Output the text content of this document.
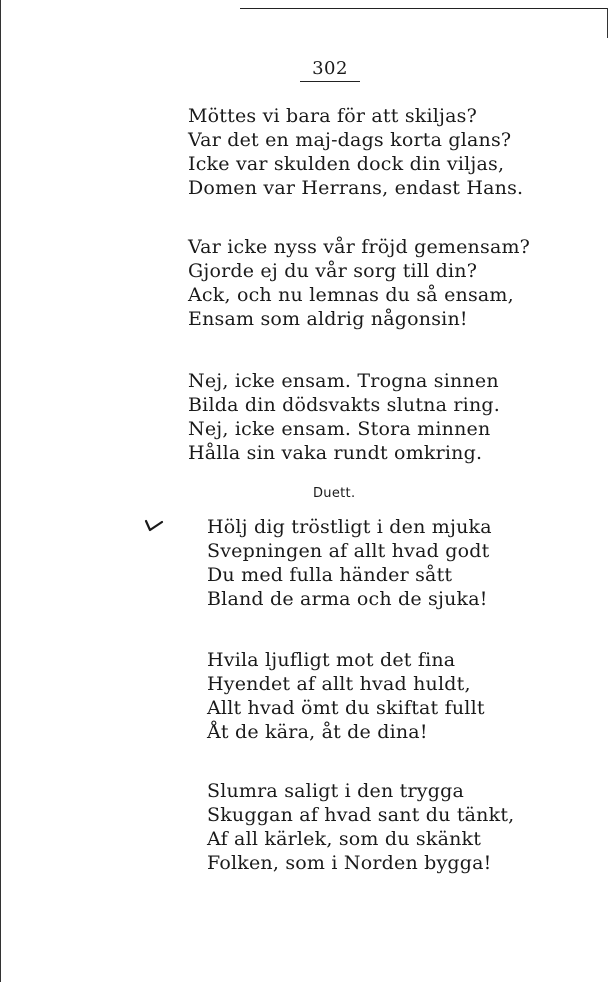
302
Möttes vi bara för att skiljas?
Var det en maj-dags korta glans?
Icke var skulden dock din viljas,
Domen var Herrans, endast Hans.
Var icke nyss vår fröjd gemensam?
Gjorde ej du vår sorg till din?
Ack, och nu lemnas du så ensam,
Ensam som aldrig någonsin!
Nej, icke ensam. Trogna sinnen
Bilda din dödsvakts slutna ring.
Nej, icke ensam. Stora minnen
Hålla sin vaka rundt omkring.
Duett.
Hölj dig tröstligt i den mjuka
Svepningen af allt hvad godt
Du med fulla händer sått
Bland de arma och de sjuka!
Hvila ljufligt mot det fina
Hyendet af allt hvad huldt,
Allt hvad ömt du skiftat fullt
Åt de kära, åt de dina!
Slumra saligt i den trygga
Skuggan af hvad sant du tänkt,
Af all kärlek, som du skänkt
Folken, som i Norden bygga!
